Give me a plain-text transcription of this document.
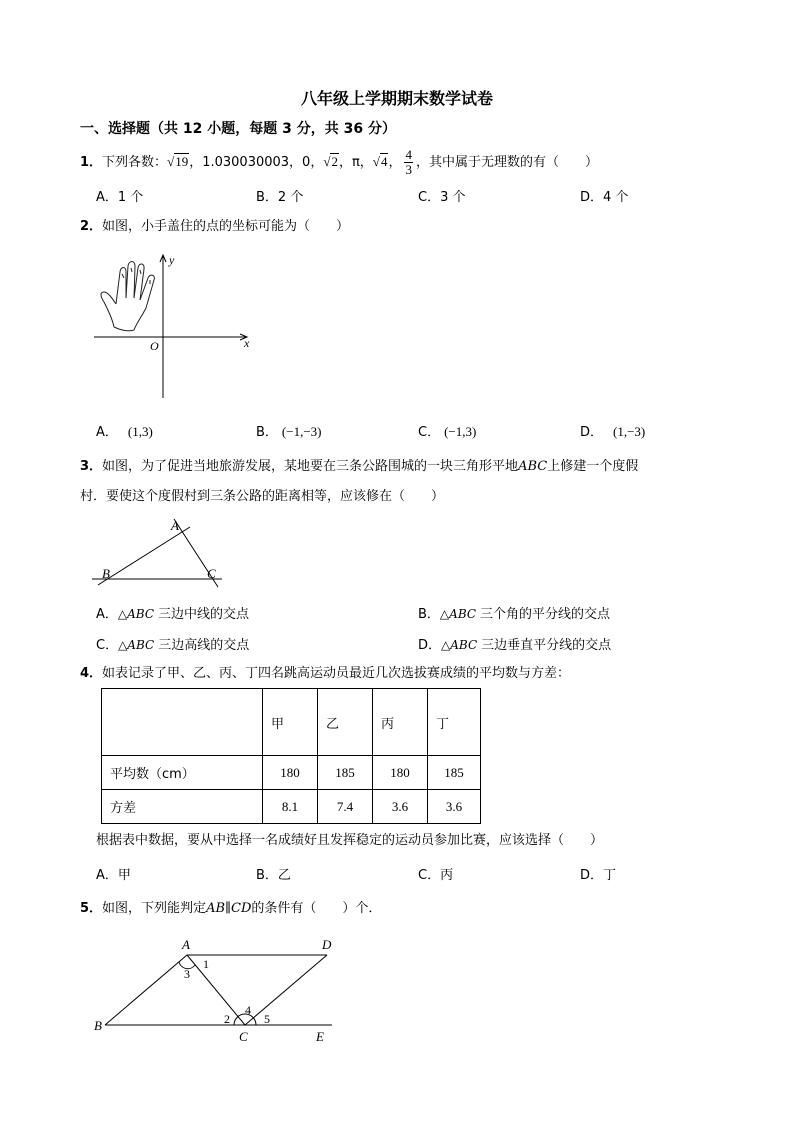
八年级上学期期末数学试卷
一、选择题（共 12 小题，每题 3 分，共 36 分）
1．下列各数：√19，1.030030003，0，√2，π，√4， $\frac{4}{3}$ ，其中属于无理数的有（　　）
A．1 个	B．2 个	C．3 个	D．4 个
2．如图，小手盖住的点的坐标可能为（　　）
y
x
O
A． (1,3)	B． (−1,−3)	C． (−1,3)	D． (1,−3)
3．如图，为了促进当地旅游发展，某地要在三条公路围城的一块三角形平地ABC上修建一个度假
村．要使这个度假村到三条公路的距离相等，应该修在（　　）
A
B	C
A．△ABC 三边中线的交点	B．△ABC 三个角的平分线的交点
C．△ABC 三边高线的交点	D．△ABC 三边垂直平分线的交点
4．如表记录了甲、乙、丙、丁四名跳高运动员最近几次选拔赛成绩的平均数与方差：
	甲	乙	丙	丁
平均数（cm）	180	185	180	185
方差	8.1	7.4	3.6	3.6
根据表中数据，要从中选择一名成绩好且发挥稳定的运动员参加比赛，应该选择（　　）
A．甲	B．乙	C．丙	D．丁
5．如图，下列能判定AB∥CD的条件有（　　）个．
A	D
B
C	E
1
3
2
4
5
